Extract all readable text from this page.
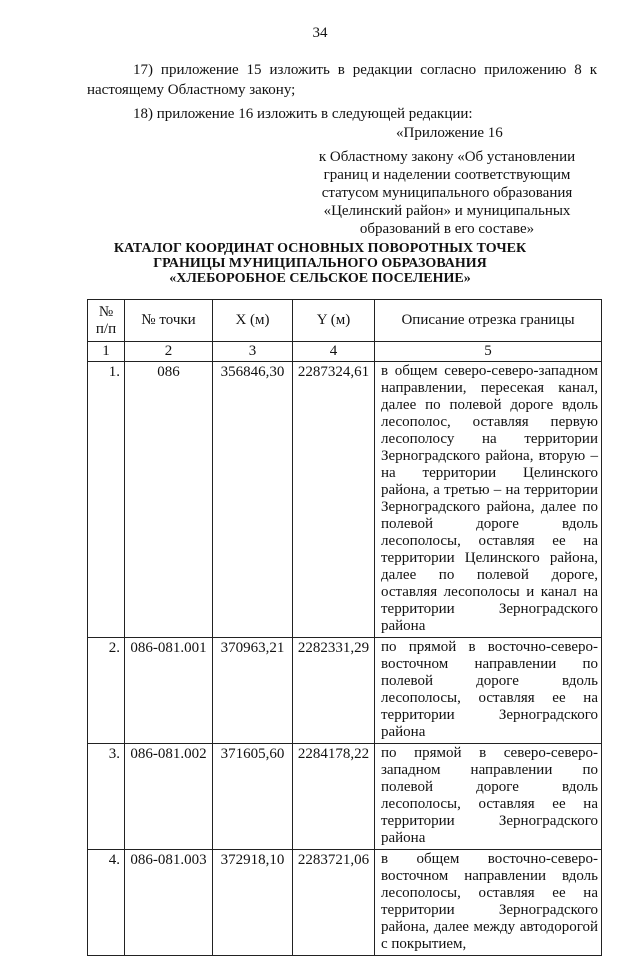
34
17) приложение 15 изложить в редакции согласно приложению 8 к настоящему Областному закону;
18) приложение 16 изложить в следующей редакции:
«Приложение 16
к Областному закону «Об установлении
границ и наделении соответствующим
статусом муниципального образования
«Целинский район» и муниципальных
образований в его составе»
КАТАЛОГ КООРДИНАТ ОСНОВНЫХ ПОВОРОТНЫХ ТОЧЕК
ГРАНИЦЫ МУНИЦИПАЛЬНОГО ОБРАЗОВАНИЯ
«ХЛЕБОРОБНОЕ СЕЛЬСКОЕ ПОСЕЛЕНИЕ»
№
п/п	№ точки	X (м)	Y (м)	Описание отрезка границы
1	2	3	4	5
1.	086	356846,30	2287324,61	в общем северо-северо-западном направлении, пересекая канал, далее по полевой дороге вдоль лесополос, оставляя первую лесополосу на территории Зерноградского района, вторую – на территории Целинского района, а третью – на территории Зерноградского района, далее по полевой дороге вдоль лесополосы, оставляя ее на территории Целинского района, далее по полевой дороге, оставляя лесополосы и канал на территории Зерноградского района
2.	086-081.001	370963,21	2282331,29	по прямой в восточно-северо-восточном направлении по полевой дороге вдоль лесополосы, оставляя ее на территории Зерноградского района
3.	086-081.002	371605,60	2284178,22	по прямой в северо-северо-западном направлении по полевой дороге вдоль лесополосы, оставляя ее на территории Зерноградского района
4.	086-081.003	372918,10	2283721,06	в общем восточно-северо-восточном направлении вдоль лесополосы, оставляя ее на территории Зерноградского района, далее между автодорогой с покрытием,
